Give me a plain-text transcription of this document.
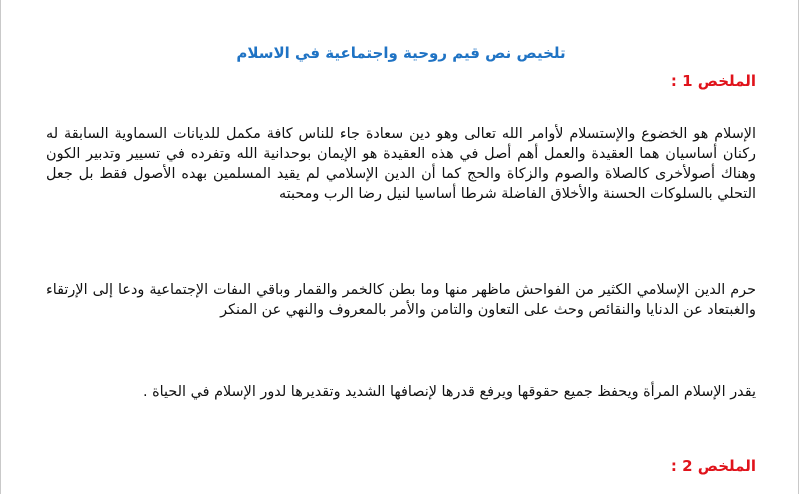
تلخيص نص قيم روحية واجتماعية في الاسلام
الملخص 1 :

الإسلام هو الخضوع والإستسلام لأوامر الله تعالى وهو دين سعادة جاء للناس كافة مكمل للديانات السماوية السابقة له ركنان أساسيان هما العقيدة والعمل أهم أصل في هذه العقيدة هو الإيمان بوحدانية الله وتفرده في تسيير وتدبير الكون وهناك أصولأخرى كالصلاة والصوم والزكاة والحج كما أن الدين الإسلامي لم يقيد المسلمين بهده الأصول فقط بل جعل التحلي بالسلوكات الحسنة والأخلاق الفاضلة شرطا أساسيا لنيل رضا الرب ومحبته

حرم الدين الإسلامي الكثير من الفواحش ماظهر منها وما بطن كالخمر والقمار وباقي الىفات الإجتماعية ودعا إلى الإرتقاء والغبتعاد عن الدنايا والنقائص وحث على التعاون والتامن والأمر بالمعروف والنهي عن المنكر

يقدر الإسلام المرأة ويحفظ جميع حقوقها ويرفع قدرها لإنصافها الشديد وتقديرها لدور الإسلام في الحياة .

الملخص 2 :
